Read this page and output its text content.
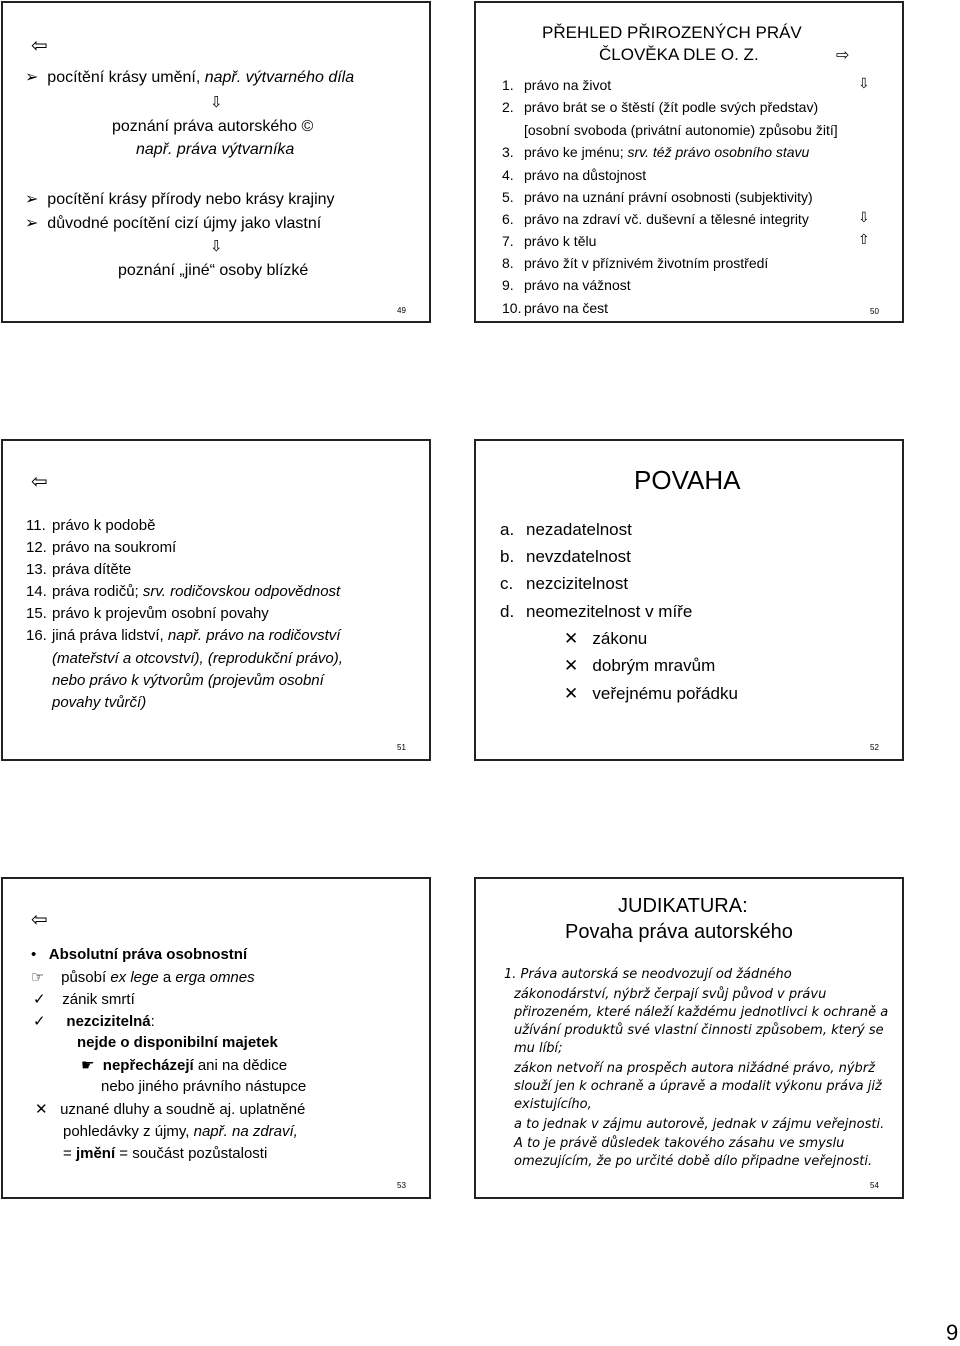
⇦
➢ pocítění krásy umění, např. výtvarného díla
⇩
poznání práva autorského ©
např. práva výtvarníka
➢ pocítění krásy přírody nebo krásy krajiny
➢ důvodné pocítění cizí újmy jako vlastní
⇩
poznání „jiné“ osoby blízké
49
PŘEHLED PŘIROZENÝCH PRÁV
ČLOVĚKA DLE O. Z.	⇨
1. právo na život	⇩
2. právo brát se o štěstí (žít podle svých představ)
[osobní svoboda (privátní autonomie) způsobu žití]
3. právo ke jménu; srv. též právo osobního stavu
4. právo na důstojnost
5. právo na uznání právní osobnosti (subjektivity)
6. právo na zdraví vč. duševní a tělesné integrity	⇩
7. právo k tělu	⇧
8. právo žít v příznivém životním prostředí
9. právo na vážnost
10. právo na čest	50
⇦
11. právo k podobě
12. právo na soukromí
13. práva dítěte
14. práva rodičů; srv. rodičovskou odpovědnost
15. právo k projevům osobní povahy
16. jiná práva lidství, např. právo na rodičovství
(mateřství a otcovství), (reprodukční právo),
nebo právo k výtvorům (projevům osobní
povahy tvůrčí)
51
POVAHA
a. nezadatelnost
b. nevzdatelnost
c. nezcizitelnost
d. neomezitelnost v míře
✕ zákonu
✕ dobrým mravům
✕ veřejnému pořádku
52
⇦
• Absolutní práva osobnostní
☞ působí ex lege a erga omnes
✓ zánik smrtí
✓ nezcizitelná:
nejde o disponibilní majetek
☛ nepřecházejí ani na dědice
nebo jiného právního nástupce
✕ uznané dluhy a soudně aj. uplatněné
pohledávky z újmy, např. na zdraví,
= jmění = součást pozůstalosti
53
JUDIKATURA:
Povaha práva autorského
1. Práva autorská se neodvozují od žádného
zákonodárství, nýbrž čerpají svůj původ v právu
přirozeném, které náleží každému jednotlivci k ochraně a
užívání produktů své vlastní činnosti způsobem, který se
mu líbí;
zákon netvoří na prospěch autora nižádné právo, nýbrž
slouží jen k ochraně a úpravě a modalit výkonu práva již
existujícího,
a to jednak v zájmu autorově, jednak v zájmu veřejnosti.
A to je právě důsledek takového zásahu ve smyslu
omezujícím, že po určité době dílo připadne veřejnosti.
54
9
